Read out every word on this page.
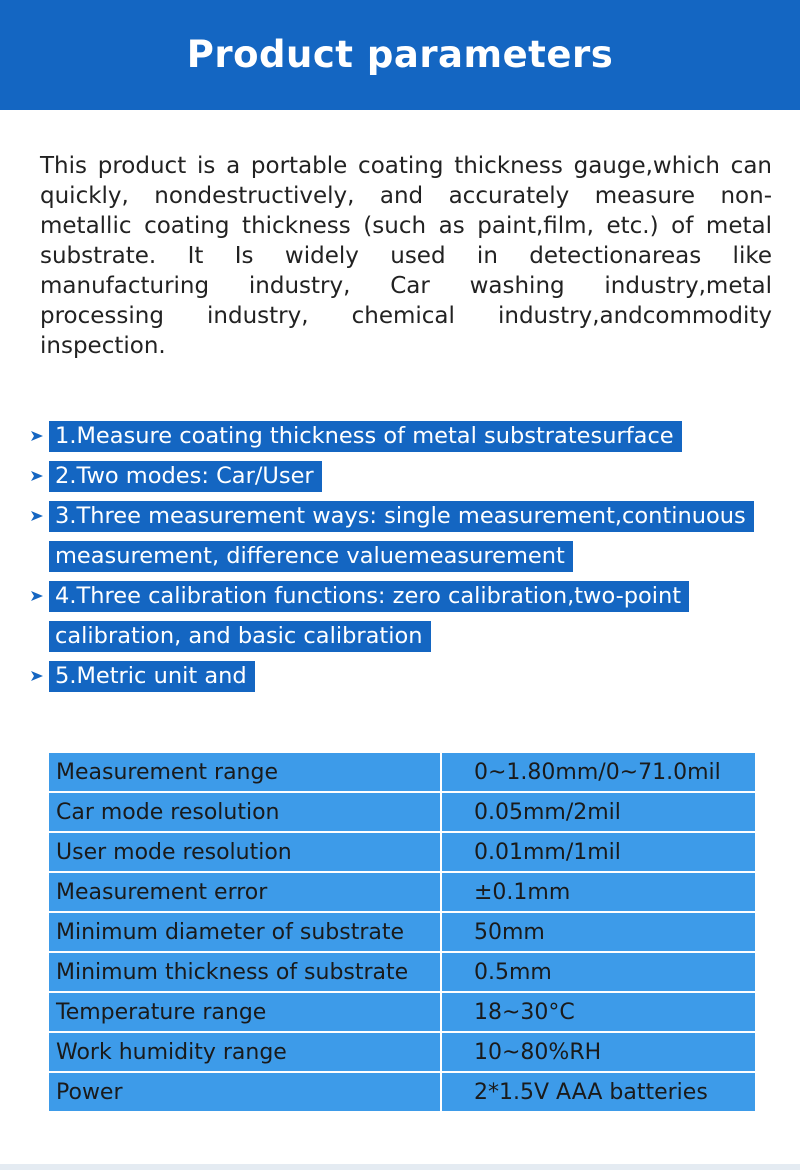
Product parameters

This product is a portable coating thickness gauge,which can quickly, nondestructively, and accurately measure non-metallic coating thickness (such as paint,film, etc.) of metal substrate. It Is widely used in detectionareas like manufacturing industry, Car washing industry,metal processing industry, chemical industry,andcommodity inspection.

1.Measure coating thickness of metal substratesurface
2.Two modes: Car/User
3.Three measurement ways: single measurement,continuous measurement, difference valuemeasurement
4.Three calibration functions: zero calibration,two-point calibration, and basic calibration
5.Metric unit and
Measurement range	0~1.80mm/0~71.0mil
Car mode resolution	0.05mm/2mil
User mode resolution	0.01mm/1mil
Measurement error	±0.1mm
Minimum diameter of substrate	50mm
Minimum thickness of substrate	0.5mm
Temperature range	18~30°C
Work humidity range	10~80%RH
Power	2*1.5V AAA batteries
